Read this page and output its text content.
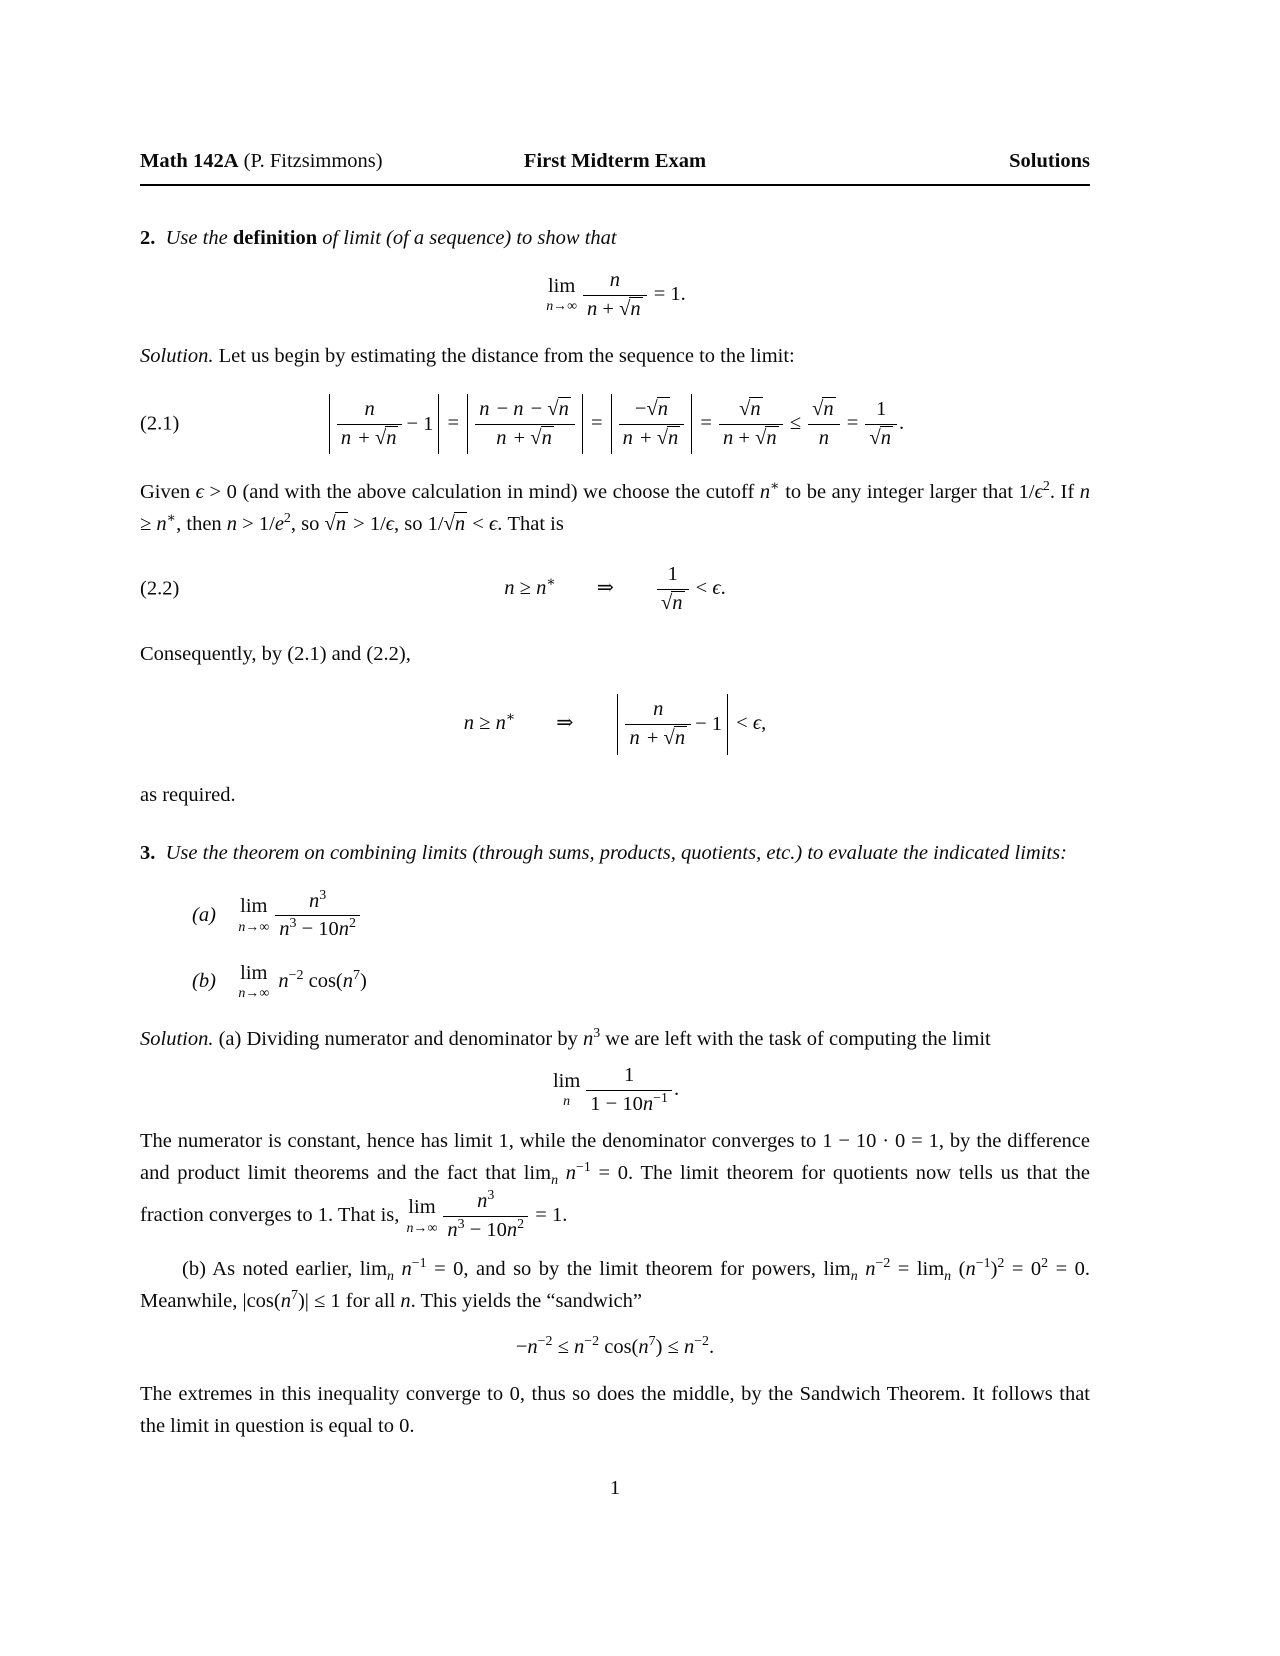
Math 142A (P. Fitzsimmons)	First Midterm Exam	Solutions

2. Use the definition of limit (of a sequence) to show that

lim
$n\to\infty \frac{n}{n + √n} = 1$.

Solution. Let us begin by estimating the distance from the sequence to the limit:

(2.1)	$\frac{n}{n + √n} - 1 = \frac{n - n - √n}{n + √n} = \frac{-√n}{n + √n} = \frac{√n}{n + √n} \le \frac{√n}{n} = \frac{1}{√n}$ .

Given ϵ > 0 (and with the above calculation in mind) we choose the cutoff n∗ to be any integer larger that $1/\epsilon^2$. If n ≥ n∗, then $n > 1/e^2$, so √n > 1/ϵ, so 1/√n < ϵ. That is

(2.2)	n ≥ n∗  ⇒   $\frac{1}{√n} < \epsilon$.

Consequently, by (2.1) and (2.2),

n ≥ n∗  ⇒   $\frac{n}{n + √n} - 1 < \epsilon$,

as required.

3. Use the theorem on combining limits (through sums, products, quotients, etc.) to evaluate the indicated limits:

(a)   lim
$n\to\infty \frac{n^3}{n^3 - 10n^2}$
(b)   lim
n→∞
$n^{-2}$ $\cos(n^7)$

Solution. (a) Dividing numerator and denominator by $n^3$ we are left with the task of computing the limit

lim
n $\frac{1}{1 - 10n^{-1}}$ .

The numerator is constant, hence has limit 1, while the denominator converges to 1 − 10 · 0 = 1, by the difference and product limit theorems and the fact that $\lim_n n^{-1} = 0$. The limit theorem for quotients now tells us that the fraction converges to 1. That is, lim
$n\to\infty \frac{n^3}{n^3 - 10n^2} = 1$.

(b) As noted earlier, $\lim_n n^{-1} = 0$, and so by the limit theorem for powers, $\lim_n n^{-2} = \lim_n (n^{-1})^2 = 0^2 = 0$. Meanwhile, $|\cos(n^7)| \le 1$ for all n. This yields the “sandwich”

$-n^{-2} \le n^{-2}$ $\cos(n^7) \le n^{-2}$.

The extremes in this inequality converge to 0, thus so does the middle, by the Sandwich Theorem. It follows that the limit in question is equal to 0.

1
